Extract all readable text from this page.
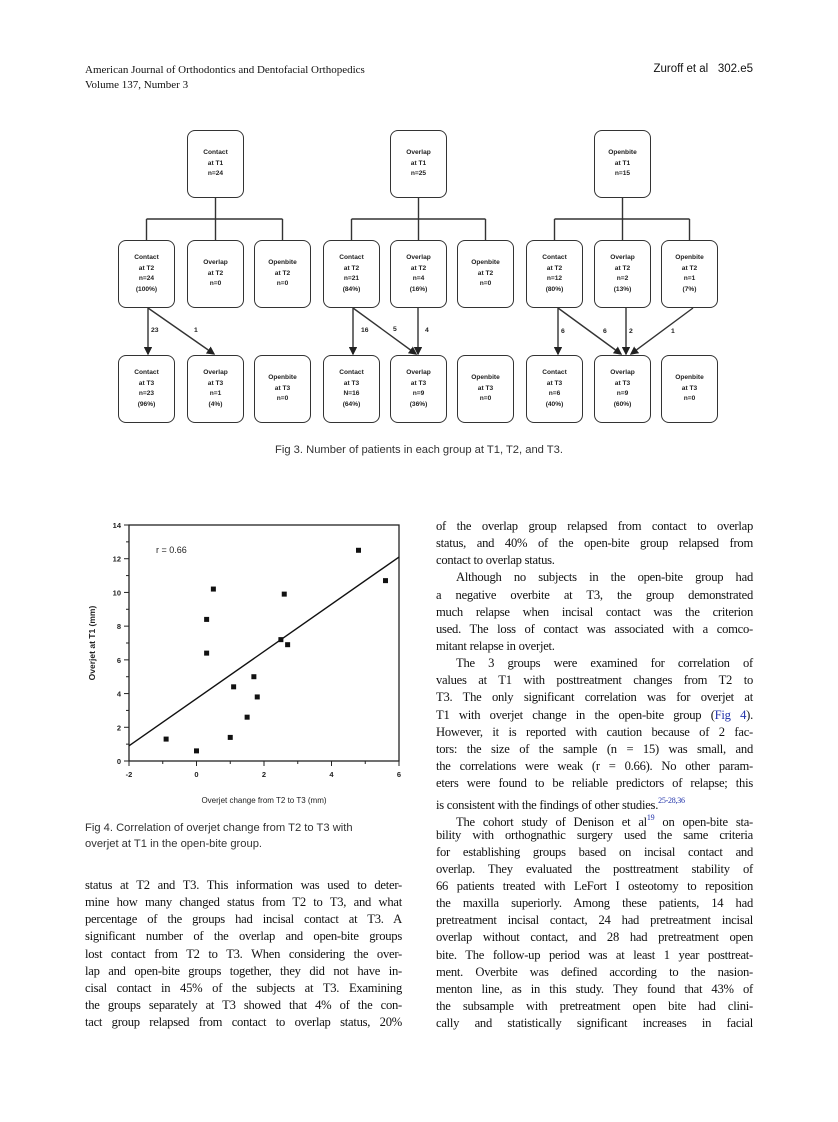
American Journal of Orthodontics and Dentofacial Orthopedics
Volume 137, Number 3
Zuroff et al 302.e5
Contact
at T1
n=24
Contact
at T2
n=24
(100%)
Contact
at T3
n=23
(96%)
Overlap
at T2
n=0
Overlap
at T3
n=1
(4%)
Openbite
at T2
n=0
Openbite
at T3
n=0
Overlap
at T1
n=25
Contact
at T2
n=21
(84%)
Contact
at T3
N=16
(64%)
Overlap
at T2
n=4
(16%)
Overlap
at T3
n=9
(36%)
Openbite
at T2
n=0
Openbite
at T3
n=0
Openbite
at T1
n=15
Contact
at T2
n=12
(80%)
Contact
at T3
n=6
(40%)
Overlap
at T2
n=2
(13%)
Overlap
at T3
n=9
(60%)
Openbite
at T2
n=1
(7%)
Openbite
at T3
n=0
23	1	16	5	4	6	6	2	1
Fig 3. Number of patients in each group at T1, T2, and T3.
0
2
4
6
8
10
12
14
-2	0	2	4	6
r = 0.66
Overjet change from T2 to T3 (mm)
Overjet at T1 (mm)
Fig 4. Correlation of overjet change from T2 to T3 with
overjet at T1 in the open-bite group.
status at T2 and T3. This information was used to deter-
mine how many changed status from T2 to T3, and what
percentage of the groups had incisal contact at T3. A
significant number of the overlap and open-bite groups
lost contact from T2 to T3. When considering the over-
lap and open-bite groups together, they did not have in-
cisal contact in 45% of the subjects at T3. Examining
the groups separately at T3 showed that 4% of the con-
tact group relapsed from contact to overlap status, 20%
of the overlap group relapsed from contact to overlap
status, and 40% of the open-bite group relapsed from
contact to overlap status.
Although no subjects in the open-bite group had
a negative overbite at T3, the group demonstrated
much relapse when incisal contact was the criterion
used. The loss of contact was associated with a comco-
mitant relapse in overjet.
The 3 groups were examined for correlation of
values at T1 with posttreatment changes from T2 to
T3. The only significant correlation was for overjet at
T1 with overjet change in the open-bite group (Fig 4).
However, it is reported with caution because of 2 fac-
tors: the size of the sample (n = 15) was small, and
the correlations were weak (r = 0.66). No other param-
eters were found to be reliable predictors of relapse; this
is consistent with the findings of other studies.$^{25-28,36}$
The cohort study of Denison et $al^{19}$ on open-bite sta-
bility with orthognathic surgery used the same criteria
for establishing groups based on incisal contact and
overlap. They evaluated the posttreatment stability of
66 patients treated with LeFort I osteotomy to reposition
the maxilla superiorly. Among these patients, 14 had
pretreatment incisal contact, 24 had pretreatment incisal
overlap without contact, and 28 had pretreatment open
bite. The follow-up period was at least 1 year posttreat-
ment. Overbite was defined according to the nasion-
menton line, as in this study. They found that 43% of
the subsample with pretreatment open bite had clini-
cally and statistically significant increases in facial
